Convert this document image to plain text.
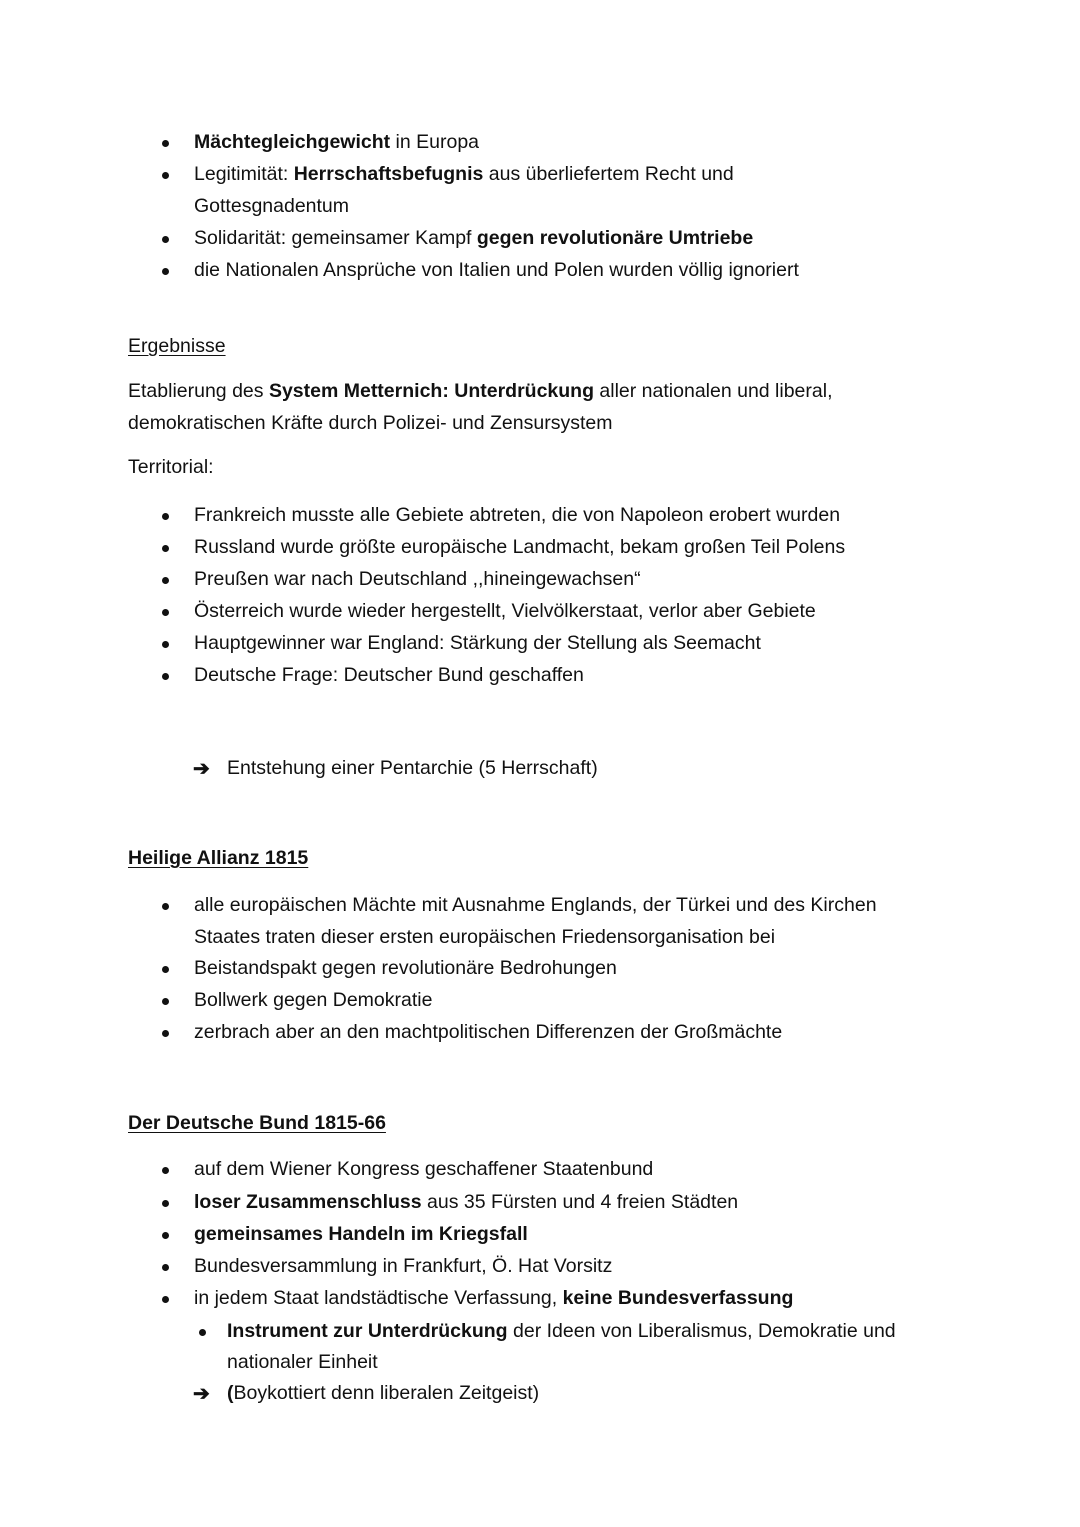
Mächtegleichgewicht in Europa
Legitimität: Herrschaftsbefugnis aus überliefertem Recht und
Gottesgnadentum
Solidarität: gemeinsamer Kampf gegen revolutionäre Umtriebe
die Nationalen Ansprüche von Italien und Polen wurden völlig ignoriert
Ergebnisse
Etablierung des System Metternich: Unterdrückung aller nationalen und liberal,
demokratischen Kräfte durch Polizei- und Zensursystem
Territorial:
Frankreich musste alle Gebiete abtreten, die von Napoleon erobert wurden
Russland wurde größte europäische Landmacht, bekam großen Teil Polens
Preußen war nach Deutschland ,,hineingewachsen“
Österreich wurde wieder hergestellt, Vielvölkerstaat, verlor aber Gebiete
Hauptgewinner war England: Stärkung der Stellung als Seemacht
Deutsche Frage: Deutscher Bund geschaffen
➔ Entstehung einer Pentarchie (5 Herrschaft)
Heilige Allianz 1815
alle europäischen Mächte mit Ausnahme Englands, der Türkei und des Kirchen
Staates traten dieser ersten europäischen Friedensorganisation bei
Beistandspakt gegen revolutionäre Bedrohungen
Bollwerk gegen Demokratie
zerbrach aber an den machtpolitischen Differenzen der Großmächte
Der Deutsche Bund 1815-66
auf dem Wiener Kongress geschaffener Staatenbund
loser Zusammenschluss aus 35 Fürsten und 4 freien Städten
gemeinsames Handeln im Kriegsfall
Bundesversammlung in Frankfurt, Ö. Hat Vorsitz
in jedem Staat landstädtische Verfassung, keine Bundesverfassung
Instrument zur Unterdrückung der Ideen von Liberalismus, Demokratie und
nationaler Einheit
➔ (Boykottiert denn liberalen Zeitgeist)
